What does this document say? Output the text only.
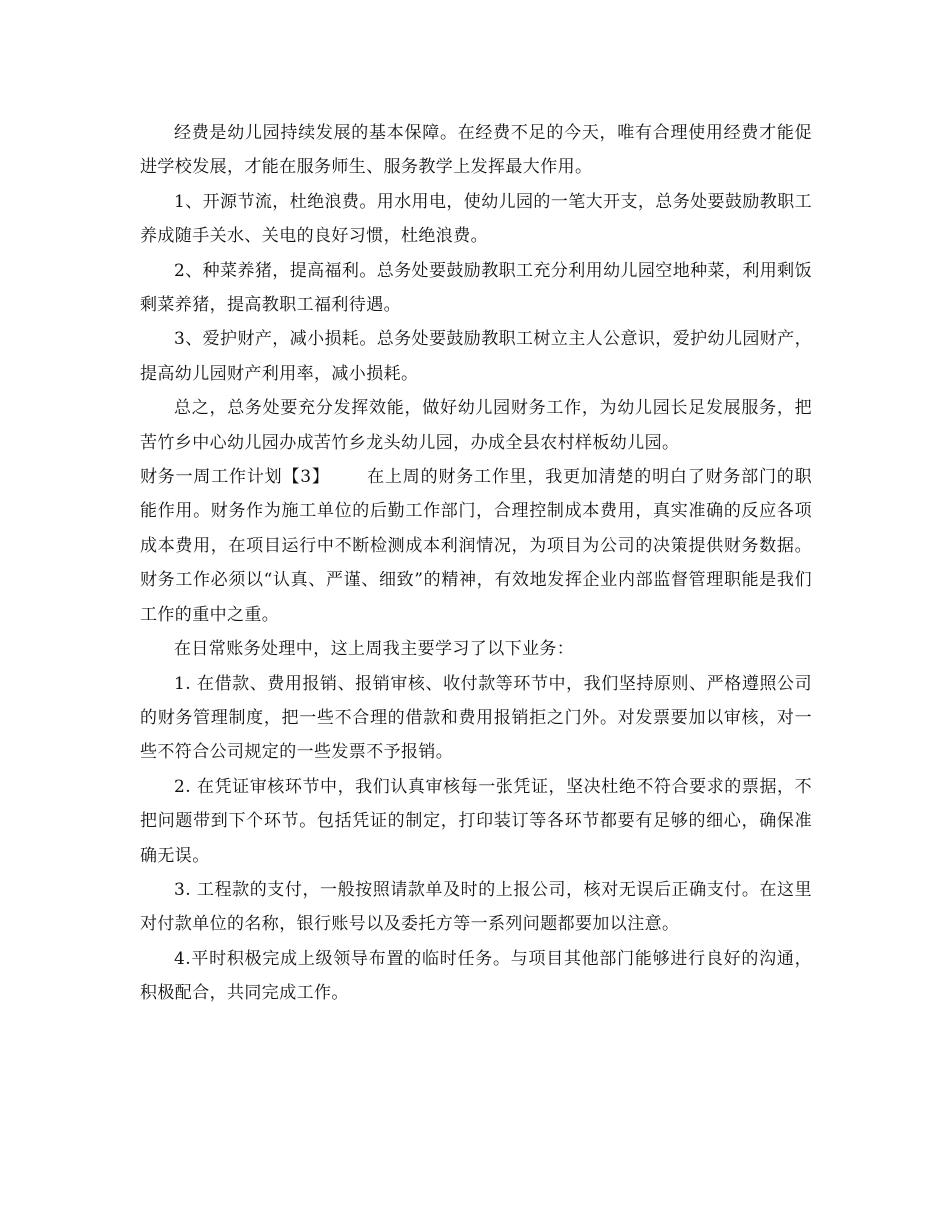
经费是幼儿园持续发展的基本保障。在经费不足的今天，唯有合理使用经费才能促进学校发展，才能在服务师生、服务教学上发挥最大作用。

1、开源节流，杜绝浪费。用水用电，使幼儿园的一笔大开支，总务处要鼓励教职工养成随手关水、关电的良好习惯，杜绝浪费。

2、种菜养猪，提高福利。总务处要鼓励教职工充分利用幼儿园空地种菜，利用剩饭剩菜养猪，提高教职工福利待遇。

3、爱护财产，减小损耗。总务处要鼓励教职工树立主人公意识，爱护幼儿园财产，提高幼儿园财产利用率，减小损耗。

总之，总务处要充分发挥效能，做好幼儿园财务工作，为幼儿园长足发展服务，把苦竹乡中心幼儿园办成苦竹乡龙头幼儿园，办成全县农村样板幼儿园。

财务一周工作计划【3】 在上周的财务工作里，我更加清楚的明白了财务部门的职能作用。财务作为施工单位的后勤工作部门，合理控制成本费用，真实准确的反应各项成本费用，在项目运行中不断检测成本利润情况，为项目为公司的决策提供财务数据。财务工作必须以“认真、严谨、细致”的精神，有效地发挥企业内部监督管理职能是我们工作的重中之重。

在日常账务处理中，这上周我主要学习了以下业务：

1. 在借款、费用报销、报销审核、收付款等环节中，我们坚持原则、严格遵照公司的财务管理制度，把一些不合理的借款和费用报销拒之门外。对发票要加以审核，对一些不符合公司规定的一些发票不予报销。

2. 在凭证审核环节中，我们认真审核每一张凭证，坚决杜绝不符合要求的票据，不把问题带到下个环节。包括凭证的制定，打印装订等各环节都要有足够的细心，确保准确无误。

3. 工程款的支付，一般按照请款单及时的上报公司，核对无误后正确支付。在这里对付款单位的名称，银行账号以及委托方等一系列问题都要加以注意。

4.平时积极完成上级领导布置的临时任务。与项目其他部门能够进行良好的沟通，积极配合，共同完成工作。
